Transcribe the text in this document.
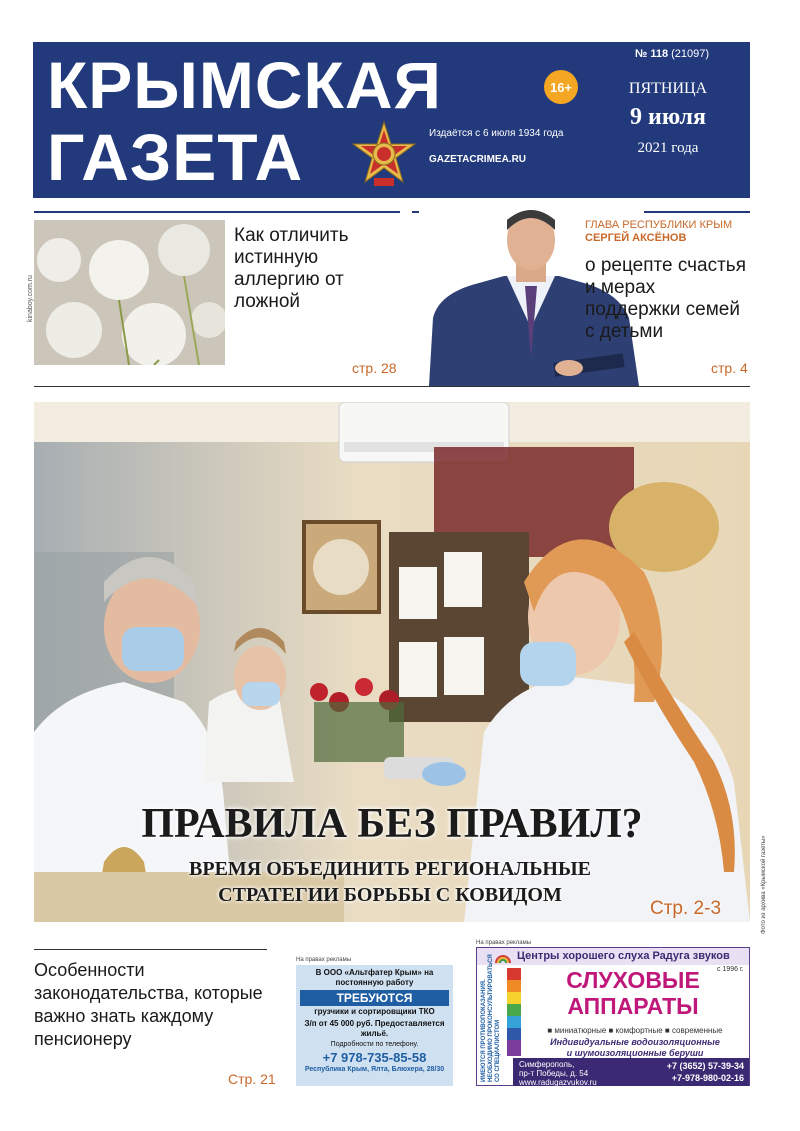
КРЫМСКАЯ
ГАЗЕТА
16+
Издаётся с 6 июля 1934 года
GAZETACRIMEA.RU
№ 118 (21097)
ПЯТНИЦА
9 июля
2021 года
kinaboy.com.ru
Как отличить истинную аллергию от ложной
стр. 28
ГЛАВА РЕСПУБЛИКИ КРЫМ
СЕРГЕЙ АКСЁНОВ
о рецепте счастья и мерах поддержки семей с детьми
стр. 4
ПРАВИЛА БЕЗ ПРАВИЛ?
ВРЕМЯ ОБЪЕДИНИТЬ РЕГИОНАЛЬНЫЕ СТРАТЕГИИ БОРЬБЫ С КОВИДОМ
Стр. 2-3	Фото из архива «Крымской газеты»
Особенности законодательства, которые важно знать каждому пенсионеру
Стр. 21
На правах рекламы
В ООО «Альтфатер Крым» на постоянную работу
ТРЕБУЮТСЯ
грузчики и сортировщики ТКО
З/п от 45 000 руб. Предоставляется жильё.
Подробности по телефону.
+7 978-735-85-58
Республика Крым, Ялта, Блюхера, 28/30
На правах рекламы
Центры хорошего слуха Радуга звуков
с 1996 г.
ИМЕЮТСЯ ПРОТИВОПОКАЗАНИЯ. НЕОБХОДИМО ПРОКОНСУЛЬТИРОВАТЬСЯ СО СПЕЦИАЛИСТОМ
СЛУХОВЫЕ
АППАРАТЫ
■ миниатюрные ■ комфортные ■ современные
Индивидуальные водоизоляционные
и шумоизоляционные беруши
Симферополь,
пр-т Победы, д. 54
www.radugazvukov.ru
+7 (3652) 57-39-34
+7-978-980-02-16
